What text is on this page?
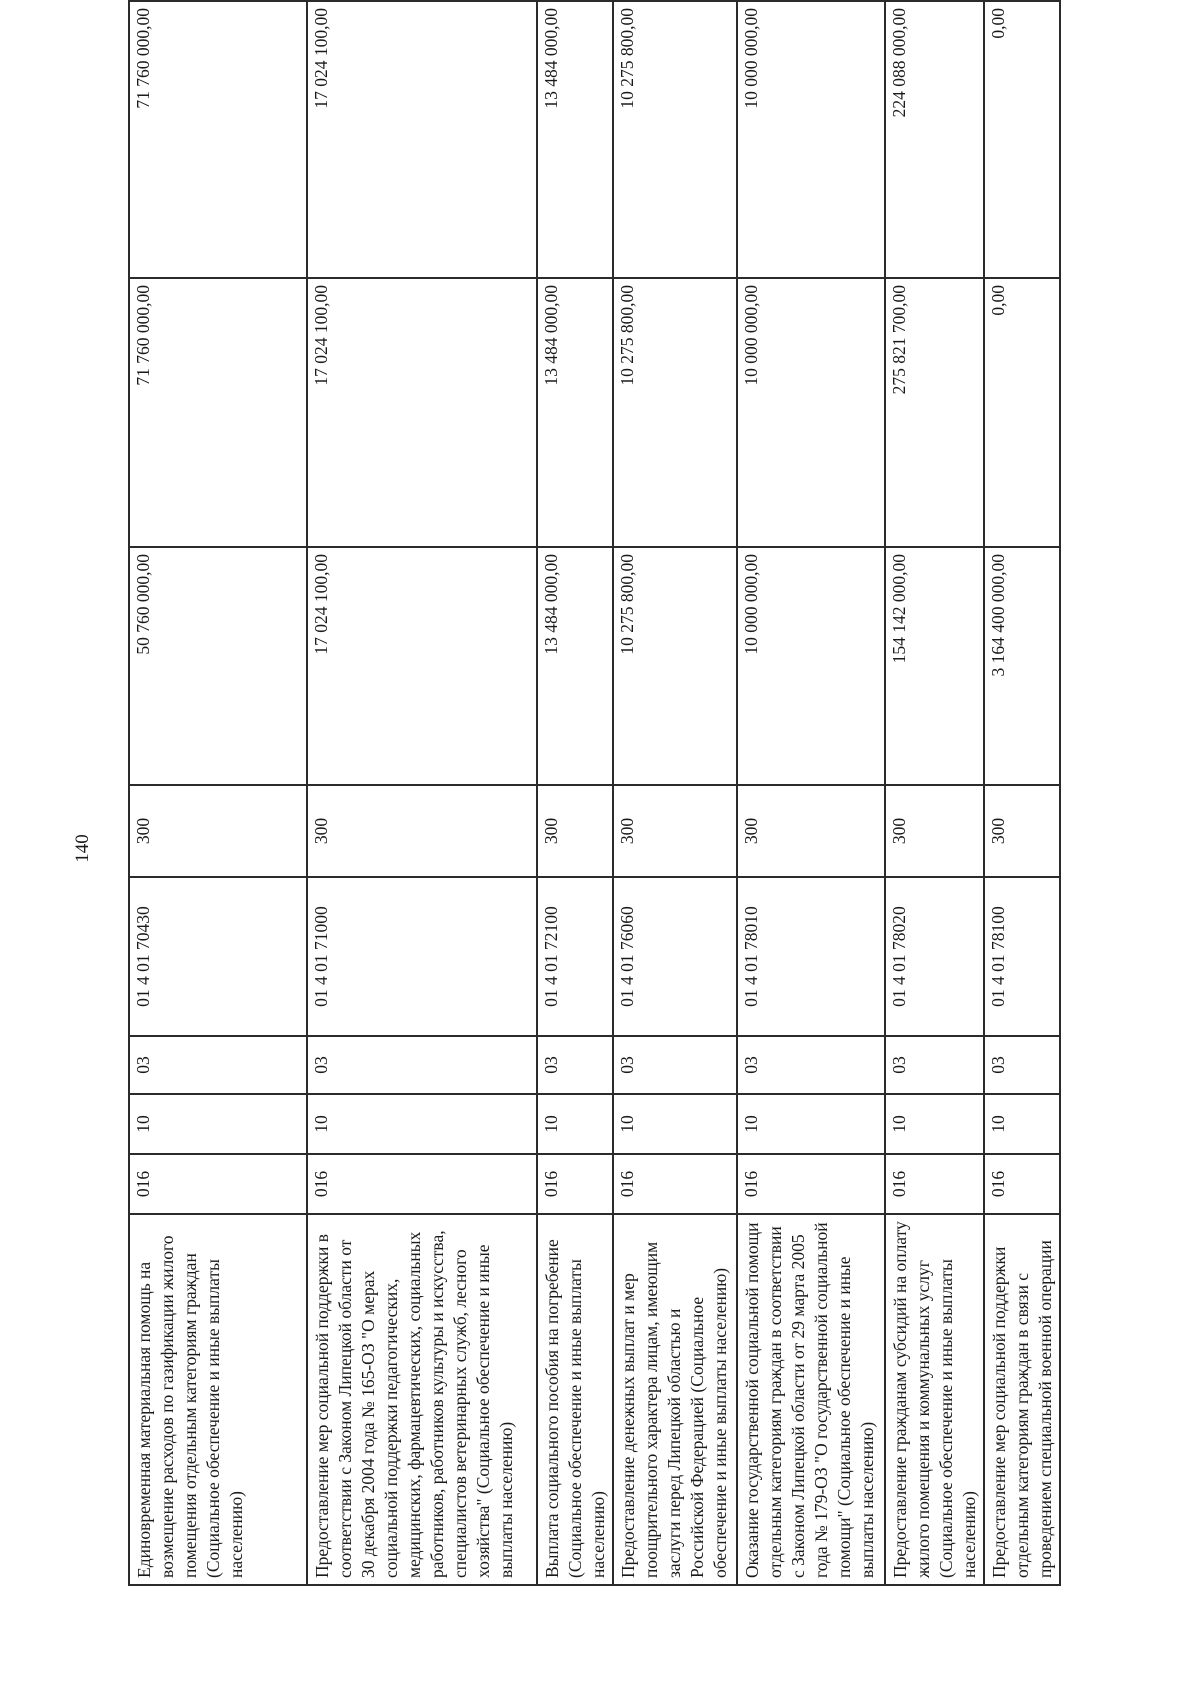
140
Единовременная материальная помощь на возмещение расходов по газификации жилого помещения отдельным категориям граждан (Социальное обеспечение и иные выплаты населению)	016	10	03	01 4 01 70430	300	50 760 000,00	71 760 000,00	71 760 000,00
Предоставление мер социальной поддержки в соответствии с Законом Липецкой области от 30 декабря 2004 года № 165-ОЗ "О мерах социальной поддержки педагогических, медицинских, фармацевтических, социальных работников, работников культуры и искусства, специалистов ветеринарных служб, лесного хозяйства" (Социальное обеспечение и иные выплаты населению)	016	10	03	01 4 01 71000	300	17 024 100,00	17 024 100,00	17 024 100,00
Выплата социального пособия на погребение (Социальное обеспечение и иные выплаты населению)	016	10	03	01 4 01 72100	300	13 484 000,00	13 484 000,00	13 484 000,00
Предоставление денежных выплат и мер поощрительного характера лицам, имеющим заслуги перед Липецкой областью и Российской Федерацией (Социальное обеспечение и иные выплаты населению)	016	10	03	01 4 01 76060	300	10 275 800,00	10 275 800,00	10 275 800,00
Оказание государственной социальной помощи отдельным категориям граждан в соответствии с Законом Липецкой области от 29 марта 2005 года № 179-ОЗ "О государственной социальной помощи" (Социальное обеспечение и иные выплаты населению)	016	10	03	01 4 01 78010	300	10 000 000,00	10 000 000,00	10 000 000,00
Предоставление гражданам субсидий на оплату жилого помещения и коммунальных услуг (Социальное обеспечение и иные выплаты населению)	016	10	03	01 4 01 78020	300	154 142 000,00	275 821 700,00	224 088 000,00
Предоставление мер социальной поддержки отдельным категориям граждан в связи с проведением специальной военной операции	016	10	03	01 4 01 78100	300	3 164 400 000,00	0,00	0,00
